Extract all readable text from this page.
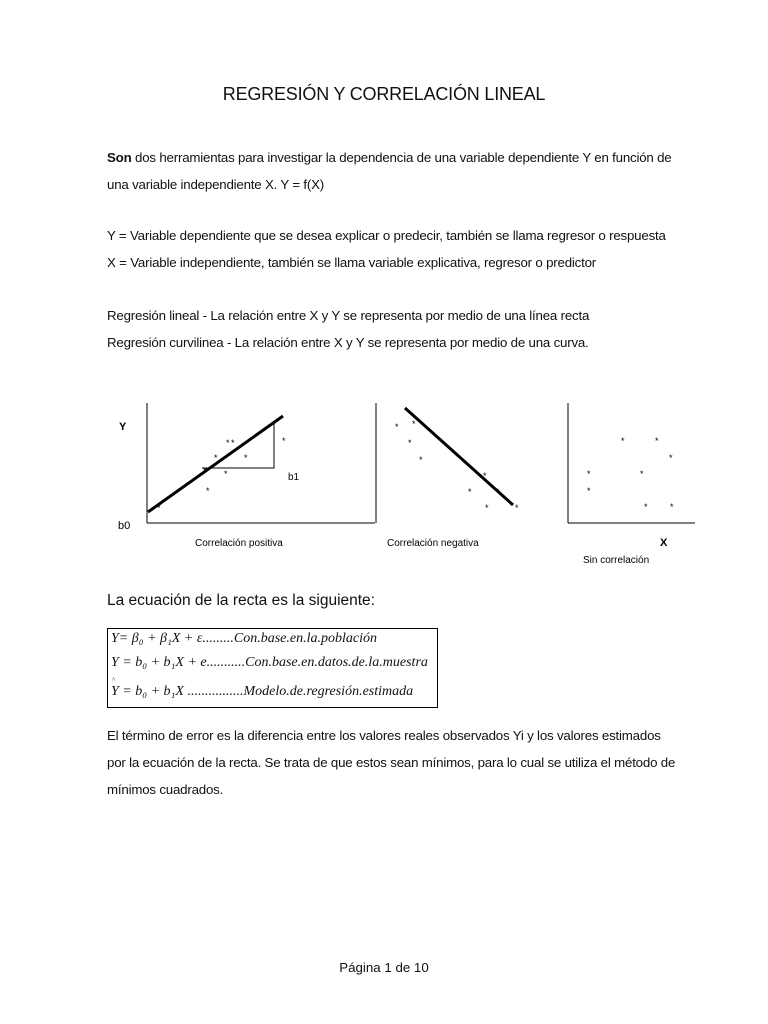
REGRESIÓN Y CORRELACIÓN LINEAL
Son dos herramientas para investigar la dependencia de una variable dependiente Y en función de
una variable independiente X. Y = f(X)
Y = Variable dependiente que se desea explicar o predecir, también se llama regresor o respuesta
X = Variable independiente, también se llama variable explicativa, regresor o predictor
Regresión lineal - La relación entre X y Y se representa por medio de una línea recta
Regresión curvilinea - La relación entre X y Y se representa por medio de una curva.
Y
b0
b1
* *	*
*	*
*
*
*
*
Correlación positiva
* *
*
*
*
*	*
*	*
Correlación negativa
*	*
*
*	*
*
* *
X
Sin correlación
La ecuación de la recta es la siguiente:
Y= β₀ + β₁X + ε.........Con.base.en.la.población
Y = b₀ + b₁X + e...........Con.base.en.datos.de.la.muestra
^
Y = b₀ + b₁X ................Modelo.de.regresión.estimada
El término de error es la diferencia entre los valores reales observados Yi y los valores estimados
por la ecuación de la recta. Se trata de que estos sean mínimos, para lo cual se utiliza el método de
mínimos cuadrados.
Página 1 de 10
